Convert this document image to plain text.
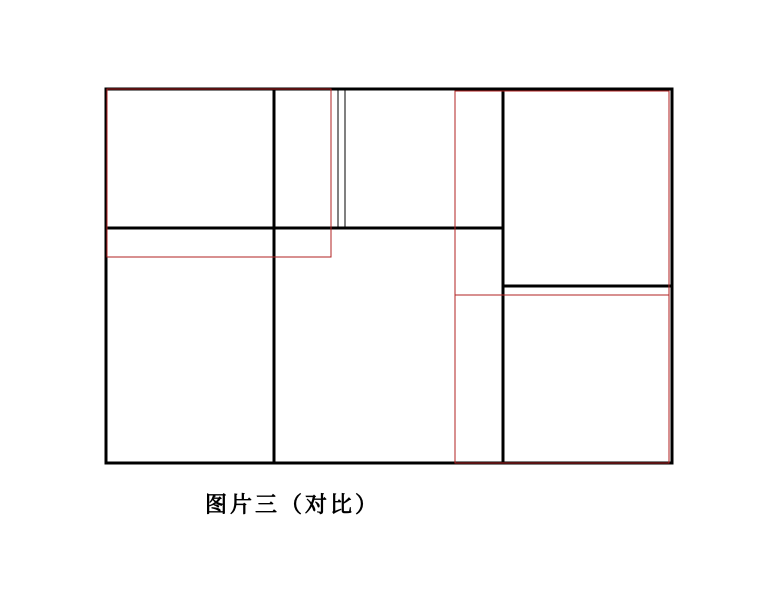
图片三（对比）
